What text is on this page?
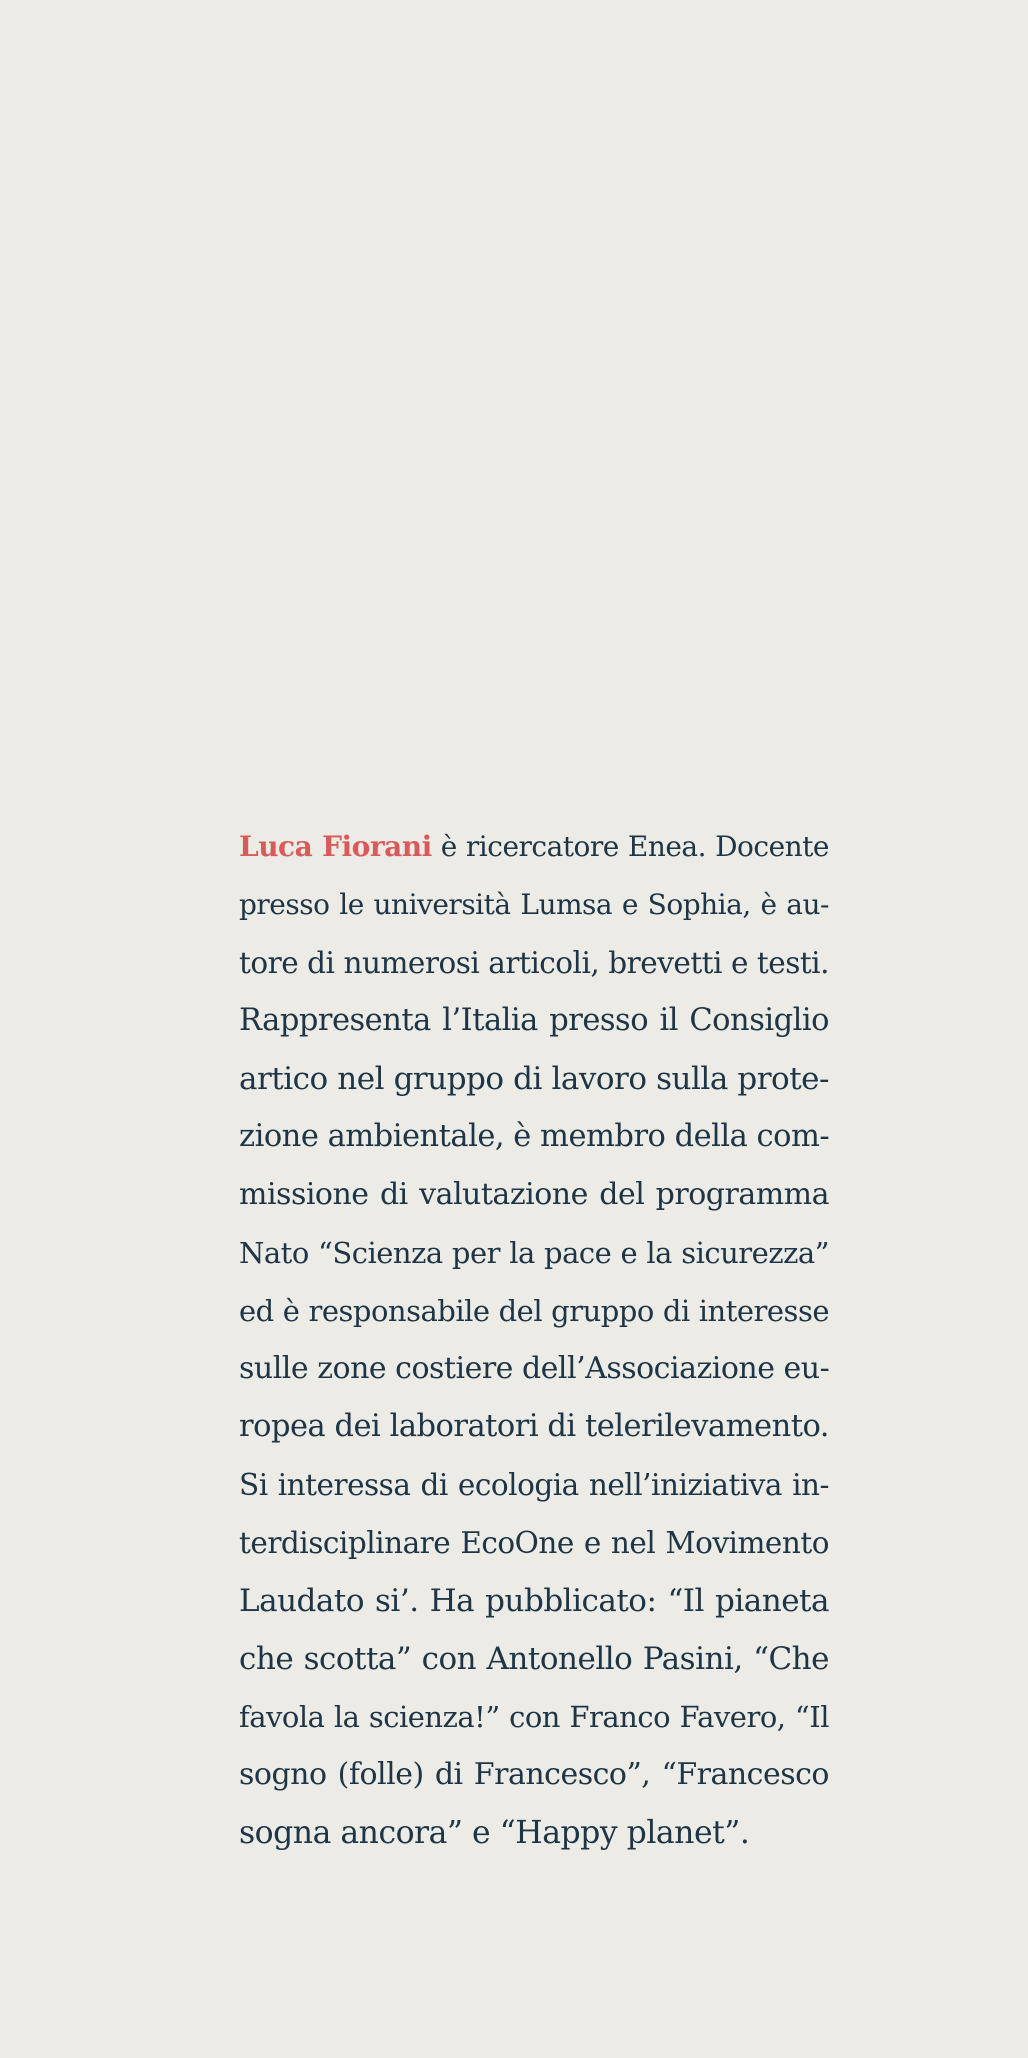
Luca Fiorani è ricercatore Enea. Docente
presso le università Lumsa e Sophia, è au-
tore di numerosi articoli, brevetti e testi.
Rappresenta l’Italia presso il Consiglio
artico nel gruppo di lavoro sulla prote-
zione ambientale, è membro della com-
missione di valutazione del programma
Nato “Scienza per la pace e la sicurezza”
ed è responsabile del gruppo di interesse
sulle zone costiere dell’Associazione eu-
ropea dei laboratori di telerilevamento.
Si interessa di ecologia nell’iniziativa in-
terdisciplinare EcoOne e nel Movimento
Laudato si’. Ha pubblicato: “Il pianeta
che scotta” con Antonello Pasini, “Che
favola la scienza!” con Franco Favero, “Il
sogno (folle) di Francesco”, “Francesco
sogna ancora” e “Happy planet”.
